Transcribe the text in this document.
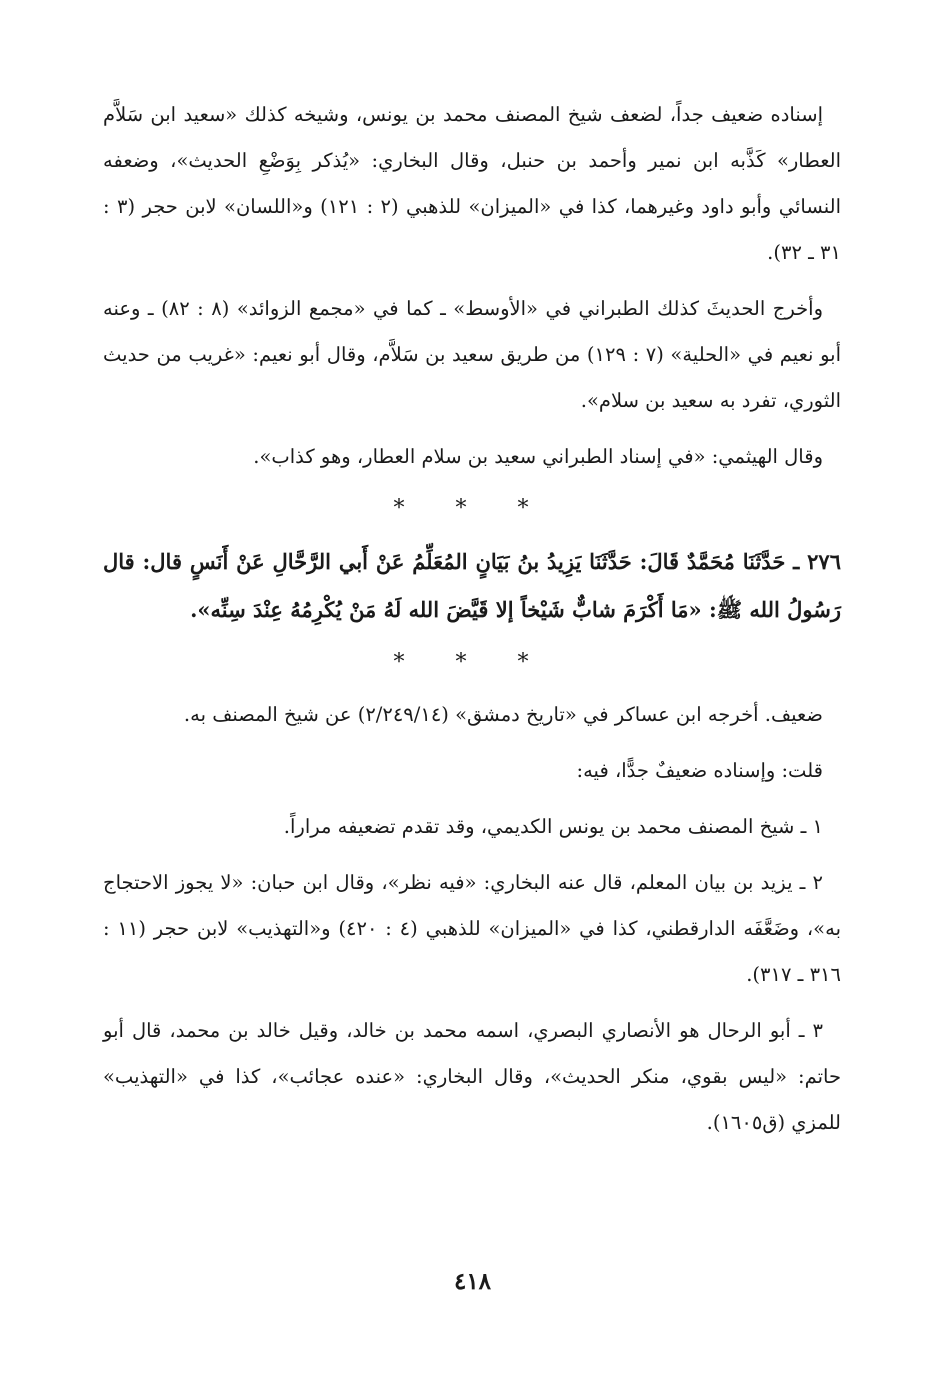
إسناده ضعيف جداً، لضعف شيخ المصنف محمد بن يونس، وشيخه كذلك «سعيد ابن سَلاَّم العطار» كَذَّبه ابن نمير وأحمد بن حنبل، وقال البخاري: «يُذكر بِوَضْعِ الحديث»، وضعفه النسائي وأبو داود وغيرهما، كذا في «الميزان» للذهبي (٢ : ١٢١) و«اللسان» لابن حجر (٣ : ٣١ ـ ٣٢).

وأخرج الحديثَ كذلك الطبراني في «الأوسط» ـ كما في «مجمع الزوائد» (٨ : ٨٢) ـ وعنه أبو نعيم في «الحلية» (٧ : ١٢٩) من طريق سعيد بن سَلاَّم، وقال أبو نعيم: «غريب من حديث الثوري، تفرد به سعيد بن سلام».

وقال الهيثمي: «في إسناد الطبراني سعيد بن سلام العطار، وهو كذاب».

* * *

٢٧٦ ـ حَدَّثَنَا مُحَمَّدٌ قَالَ: حَدَّثَنَا يَزِيدُ بنُ بَيَانٍ المُعَلِّمُ عَنْ أَبي الرَّحَّالِ عَنْ أَنَسٍ قال: قال رَسُولُ الله ﷺ: «مَا أَكْرَمَ شابٌّ شَيْخاً إلا قَيَّضَ الله لَهُ مَنْ يُكْرِمُهُ عِنْدَ سِنِّه».

* * *

ضعيف. أخرجه ابن عساكر في «تاريخ دمشق» (٢/٢٤٩/١٤) عن شيخ المصنف به.

قلت: وإسناده ضعيفٌ جدًّا، فيه:

١ ـ شيخ المصنف محمد بن يونس الكديمي، وقد تقدم تضعيفه مراراً.

٢ ـ يزيد بن بيان المعلم، قال عنه البخاري: «فيه نظر»، وقال ابن حبان: «لا يجوز الاحتجاج به»، وضَعَّفَه الدارقطني، كذا في «الميزان» للذهبي (٤ : ٤٢٠) و«التهذيب» لابن حجر (١١ : ٣١٦ ـ ٣١٧).

٣ ـ أبو الرحال هو الأنصاري البصري، اسمه محمد بن خالد، وقيل خالد بن محمد، قال أبو حاتم: «ليس بقوي، منكر الحديث»، وقال البخاري: «عنده عجائب»، كذا في «التهذيب» للمزي (ق١٦٠٥).

٤١٨
